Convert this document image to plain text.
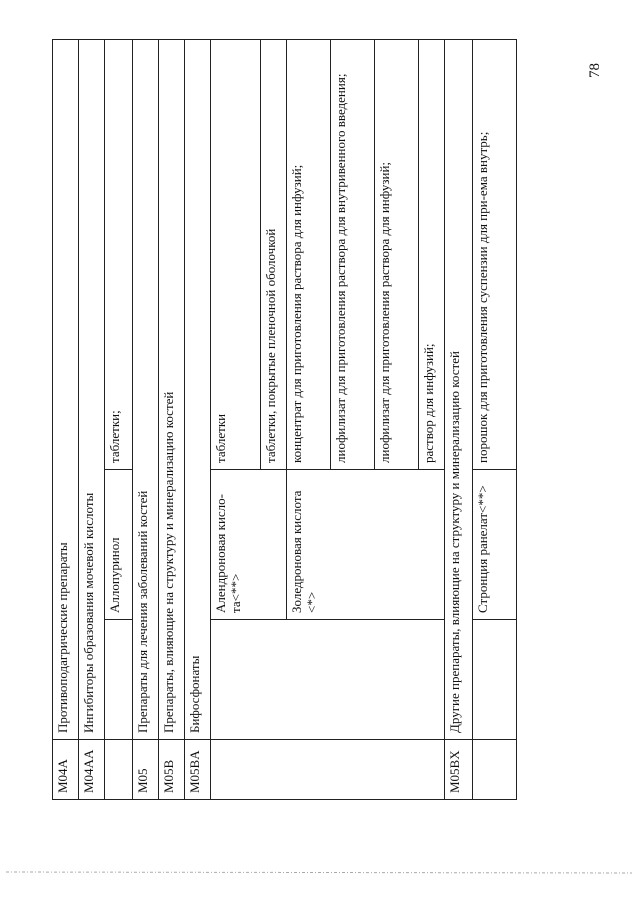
M04A	Противоподагрические препараты		
M04AA	Ингибиторы образования мочевой кислоты		
		Аллопуринол	таблетки;
M05	Препараты для лечения заболеваний костей		
M05B	Препараты, влияющие на структуру и минерализацию костей		
M05BA	Бифосфонаты		
		Алендроновая кисло-та<**>	таблетки
			таблетки, покрытые пленочной оболочкой
		Золедроновая кислота <*>	концентрат для приготовления раствора для инфузий;
			лиофилизат для приготовления раствора для внутривенного введения;
			лиофилизат для приготовления раствора для инфузий;
			раствор для инфузий;
M05BX	Другие препараты, влияющие на структуру и минерализацию костей		
		Стронция ранелат<**>	порошок для приготовления суспензии для при-ема внутрь;
78
